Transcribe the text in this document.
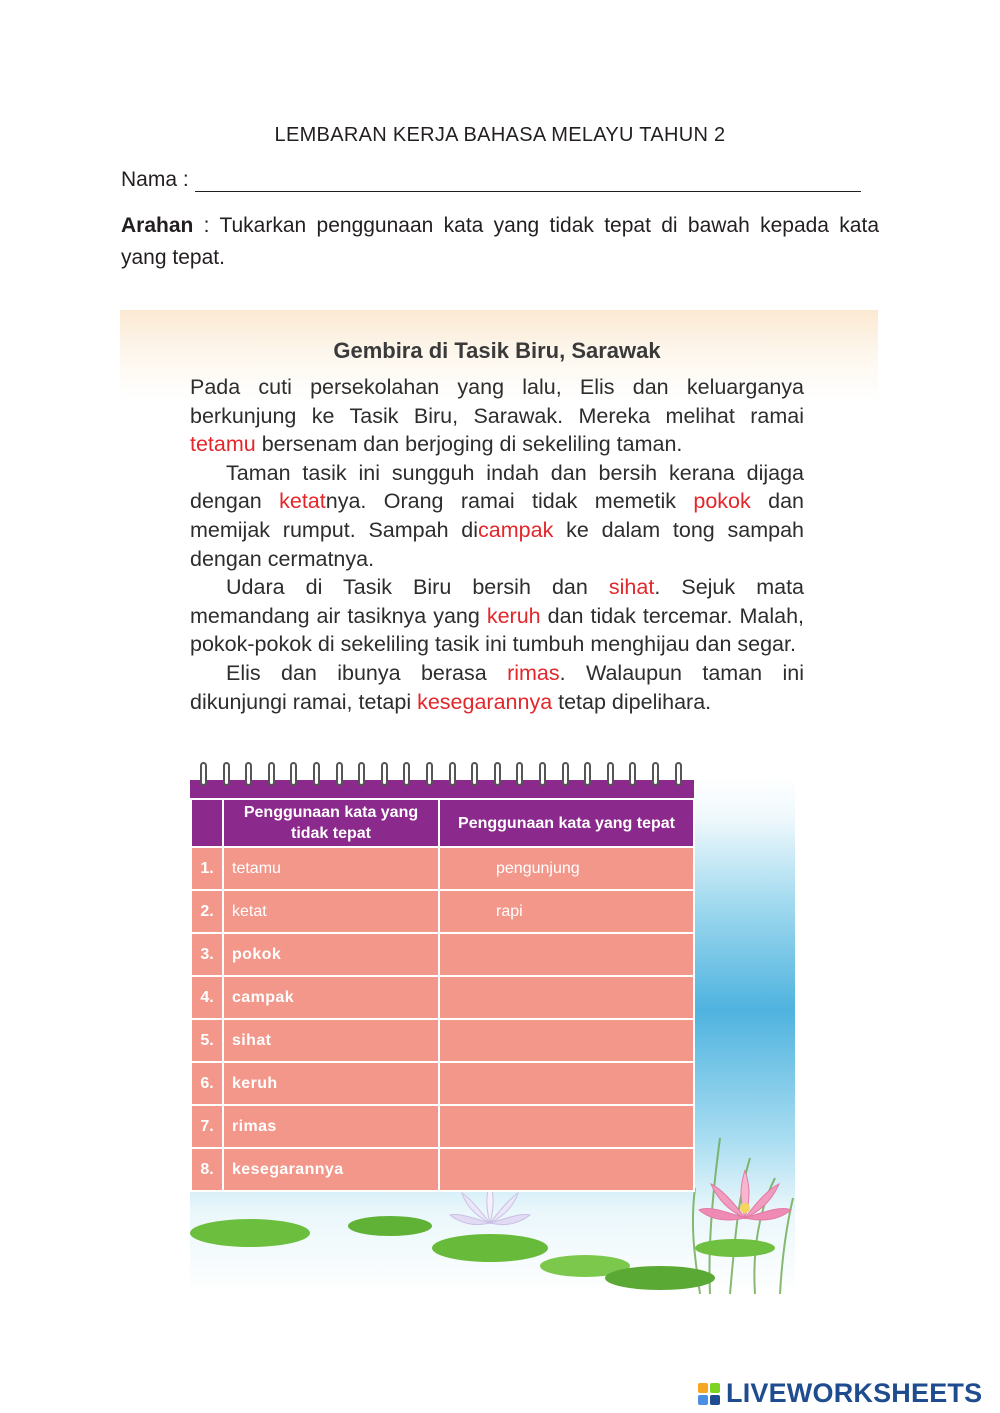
LEMBARAN KERJA BAHASA MELAYU TAHUN 2
Nama :
Arahan : Tukarkan penggunaan kata yang tidak tepat di bawah kepada kata yang tepat.
Gembira di Tasik Biru, Sarawak

Pada cuti persekolahan yang lalu, Elis dan keluarganya berkunjung ke Tasik Biru, Sarawak. Mereka melihat ramai tetamu bersenam dan berjoging di sekeliling taman.

Taman tasik ini sungguh indah dan bersih kerana dijaga dengan ketatnya. Orang ramai tidak memetik pokok dan memijak rumput. Sampah dicampak ke dalam tong sampah dengan cermatnya.

Udara di Tasik Biru bersih dan sihat. Sejuk mata memandang air tasiknya yang keruh dan tidak tercemar. Malah, pokok-pokok di sekeliling tasik ini tumbuh menghijau dan segar.

Elis dan ibunya berasa rimas. Walaupun taman ini dikunjungi ramai, tetapi kesegarannya tetap dipelihara.

	Penggunaan kata yang tidak tepat	Penggunaan kata yang tepat
1.	tetamu	pengunjung
2.	ketat	rapi
3.	pokok	
4.	campak	
5.	sihat	
6.	keruh	
7.	rimas	
8.	kesegarannya	
LIVEWORKSHEETS
